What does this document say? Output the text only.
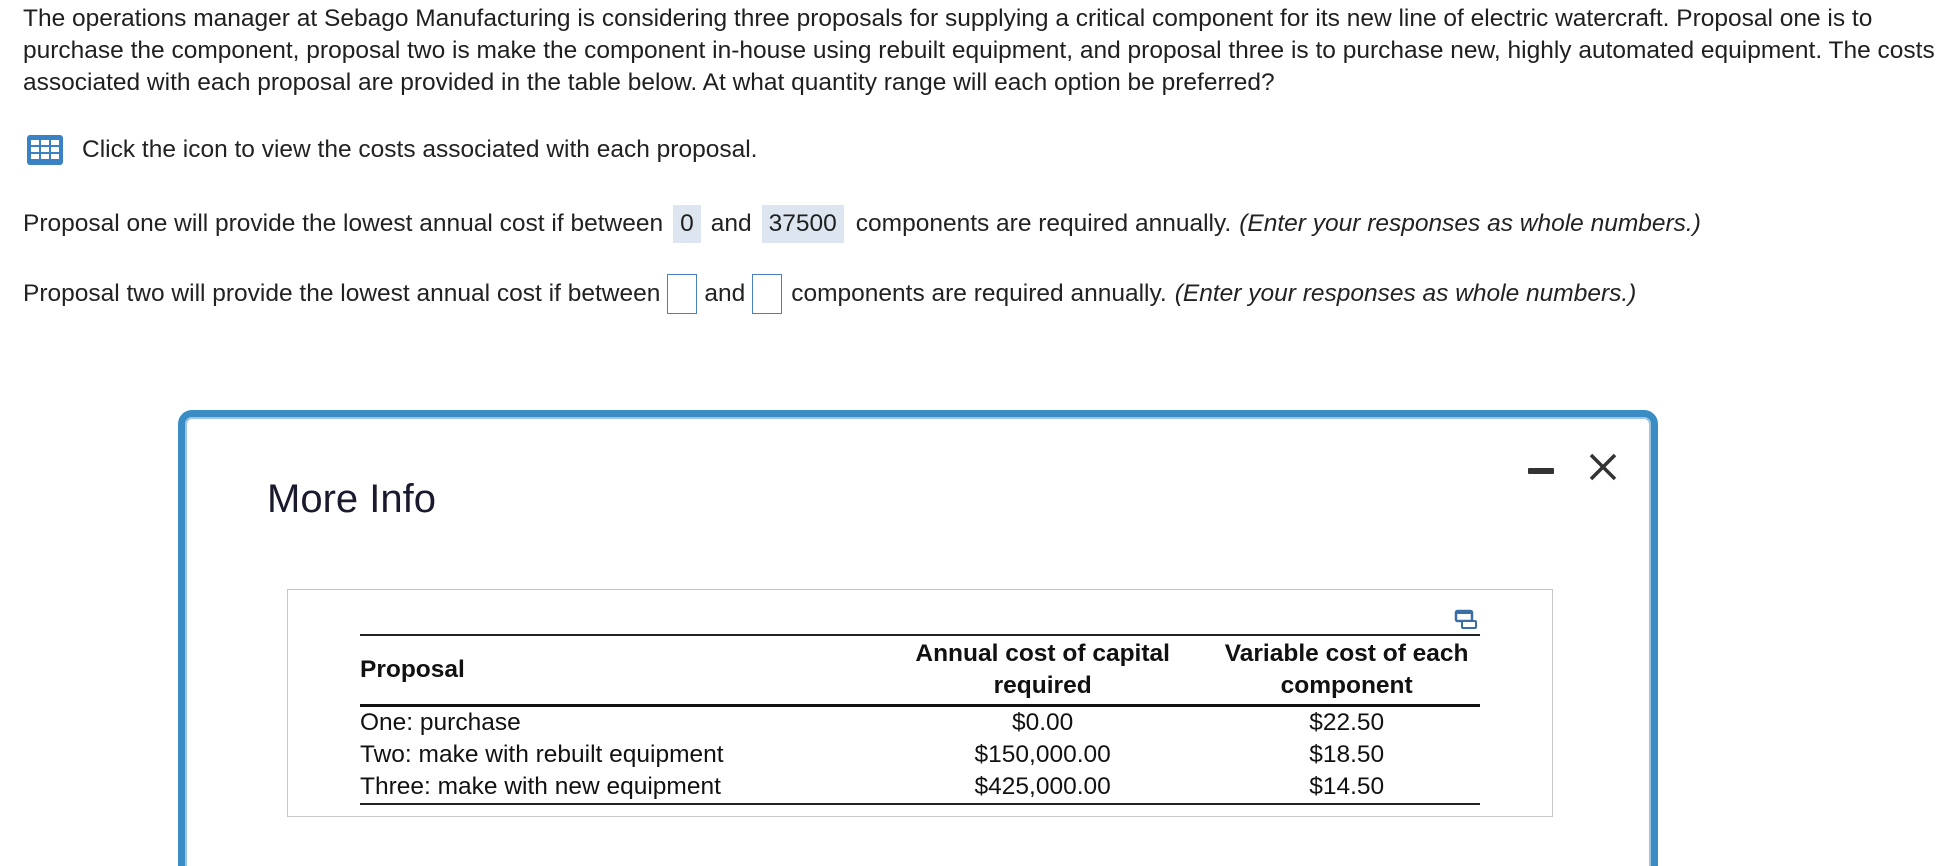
The operations manager at Sebago Manufacturing is considering three proposals for supplying a critical component for its new line of electric watercraft. Proposal one is to purchase the component, proposal two is make the component in-house using rebuilt equipment, and proposal three is to purchase new, highly automated equipment. The costs associated with each proposal are provided in the table below. At what quantity range will each option be preferred?

Click the icon to view the costs associated with each proposal.
Proposal one will provide the lowest annual cost if between 0 and 37500 components are required annually. (Enter your responses as whole numbers.)
Proposal two will provide the lowest annual cost if between and components are required annually. (Enter your responses as whole numbers.)
More Info
Proposal	Annual cost of capital required	Variable cost of each component
One: purchase	$0.00	$22.50
Two: make with rebuilt equipment	$150,000.00	$18.50
Three: make with new equipment	$425,000.00	$14.50
